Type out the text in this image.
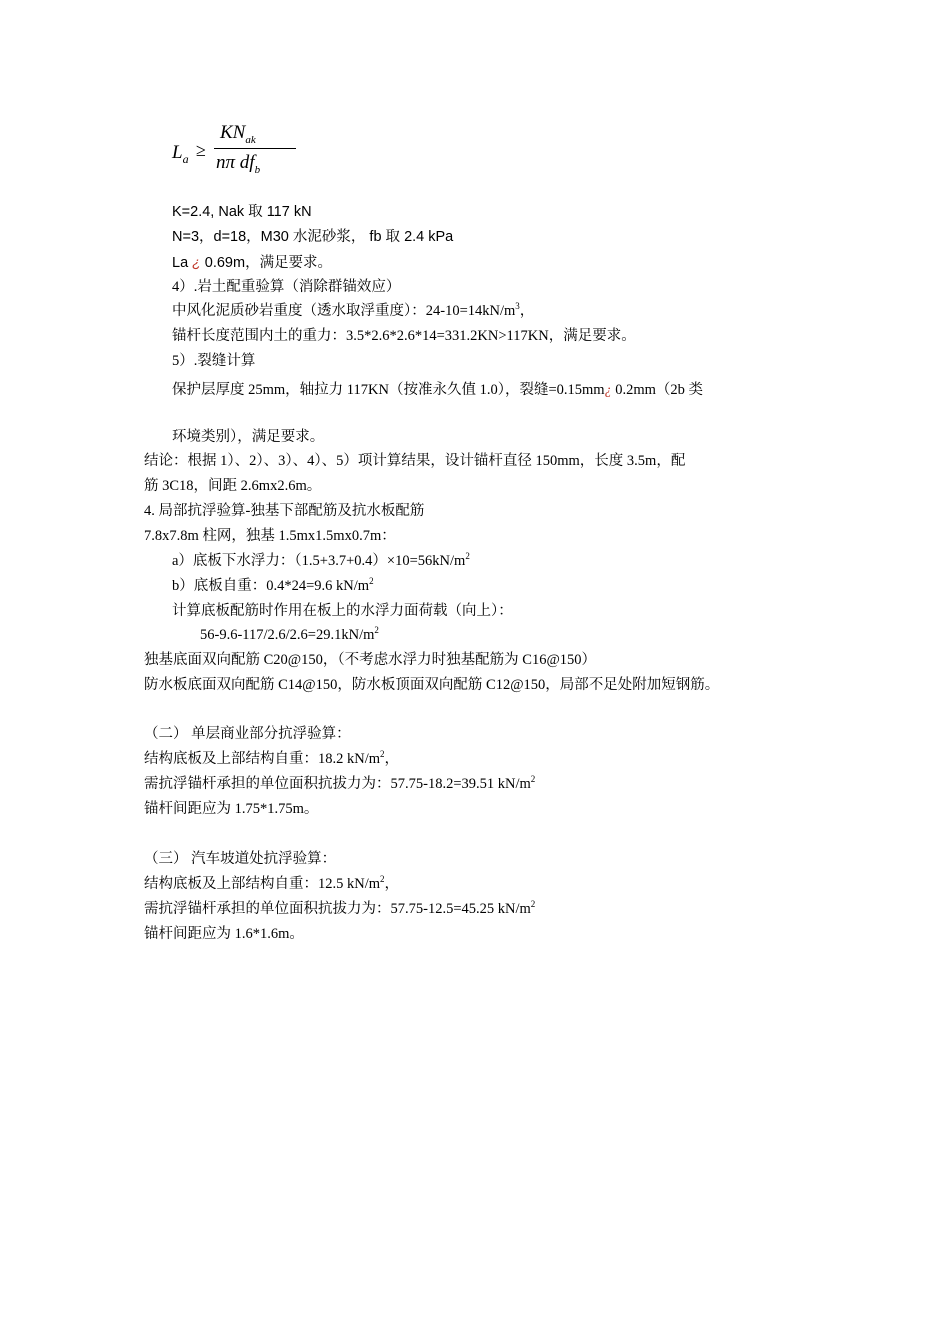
$L_a$ ≥
$KN_{ak}$
nπ $df_b$
K=2.4, Nak 取 117 kN
N=3，d=18，M30 水泥砂浆， fb 取 2.4 kPa
La ¿ 0.69m，满足要求。
4）.岩土配重验算（消除群锚效应）
中风化泥质砂岩重度（透水取浮重度）：$24-10=14kN/m^3$，
锚杆长度范围内土的重力：3.5*2.6*2.6*14=331.2KN>117KN，满足要求。
5）.裂缝计算
保护层厚度 25mm，轴拉力 117KN（按准永久值 1.0），裂缝=0.15mm¿ 0.2mm（2b 类
环境类别），满足要求。
结论：根据 1）、2）、3）、4）、5）项计算结果，设计锚杆直径 150mm，长度 3.5m，配
筋 3C18，间距 2.6mx2.6m。
4. 局部抗浮验算-独基下部配筋及抗水板配筋
7.8x7.8m 柱网，独基 1.5mx1.5mx0.7m：
a）底板下水浮力：$(1.5+3.7+0.4)\times 10=56kN/m^2$
b）底板自重：0.4*24=9.6 $kN/m^2$
计算底板配筋时作用在板上的水浮力面荷载（向上）：
$56-9.6-117/2.6/2.6=29.1kN/m^2$
独基底面双向配筋 C20@150，（不考虑水浮力时独基配筋为 C16@150）
防水板底面双向配筋 C14@150，防水板顶面双向配筋 C12@150，局部不足处附加短钢筋。
（二） 单层商业部分抗浮验算：
结构底板及上部结构自重：18.2 $kN/m^2$，
需抗浮锚杆承担的单位面积抗拔力为：57.75-18.2=39.51 $kN/m^2$
锚杆间距应为 1.75*1.75m。
（三） 汽车坡道处抗浮验算：
结构底板及上部结构自重：12.5 $kN/m^2$，
需抗浮锚杆承担的单位面积抗拔力为：57.75-12.5=45.25 $kN/m^2$
锚杆间距应为 1.6*1.6m。
